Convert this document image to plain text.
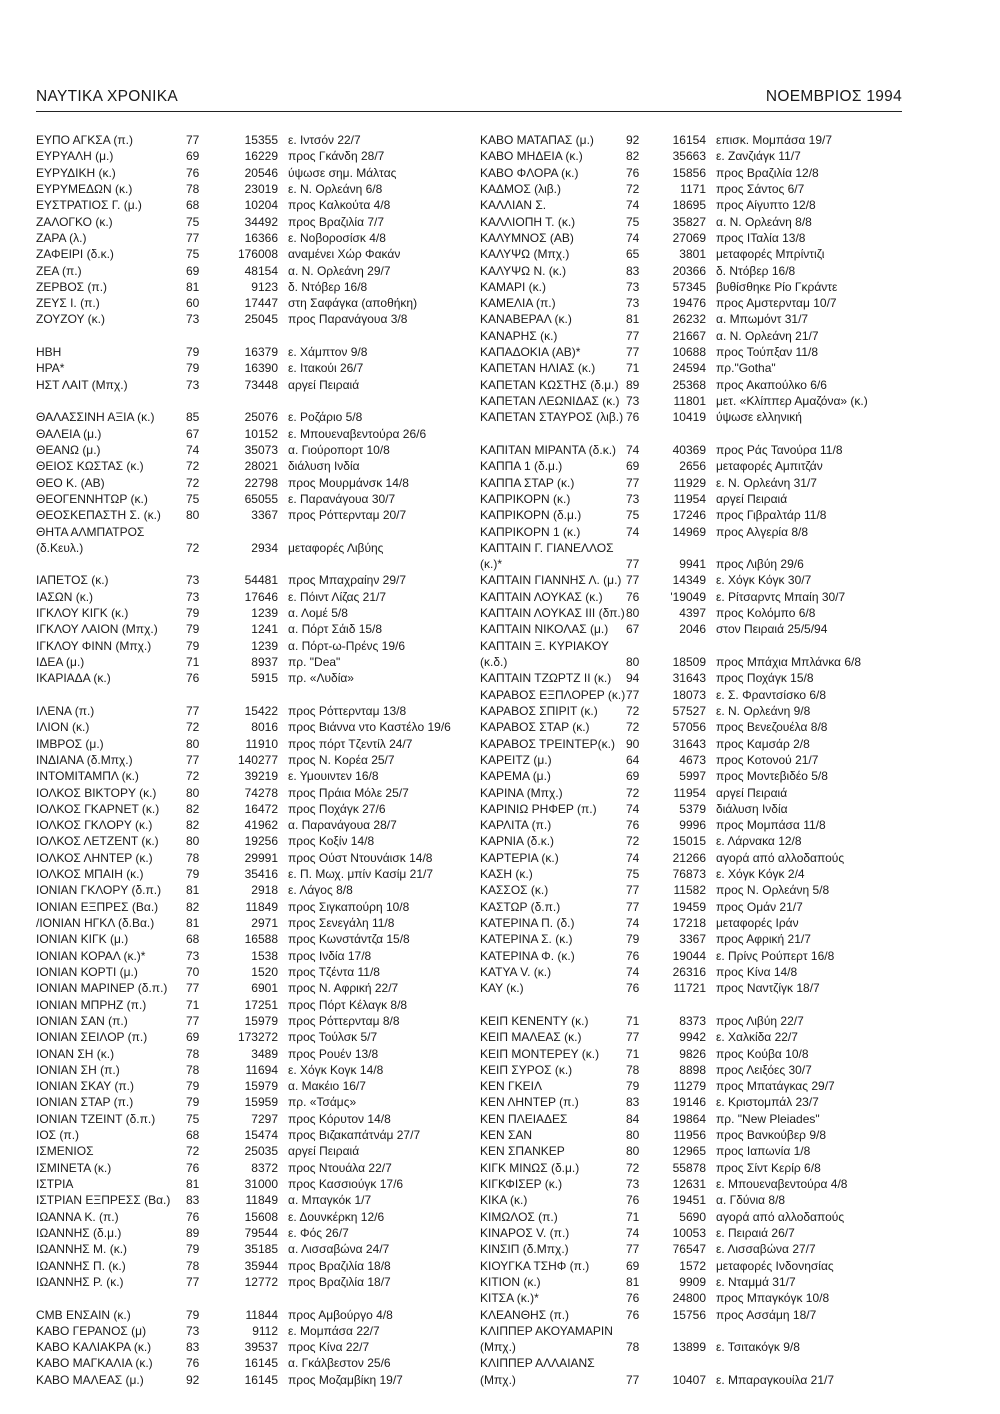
ΝΑΥΤΙΚΑ ΧΡΟΝΙΚΑ	ΝΟΕΜΒΡΙΟΣ 1994
ΕΥΠΟ ΑΓΚΣΑ (π.)	77	15355 ε. Ιντσόν 22/7
ΕΥΡΥΑΛΗ (μ.)	69	16229 προς Γκάνδη 28/7
ΕΥΡΥΔΙΚΗ (κ.)	76	20546 ύψωσε σημ. Μάλτας
ΕΥΡΥΜΕΔΩΝ (κ.)	78	23019 ε. Ν. Ορλεάνη 6/8
ΕΥΣΤΡΑΤΙΟΣ Γ. (μ.)	68	10204 προς Καλκούτα 4/8
ΖΑΛΟΓΚΟ (κ.)	75	34492 προς Βραζιλία 7/7
ΖΑΡΑ (λ.)	77	16366 ε. Νοβοροσίσκ 4/8
ΖΑΦΕΙΡΙ (δ.κ.)	75	176008 αναμένει Χώρ Φακάν
ΖΕΑ (π.)	69	48154 α. Ν. Ορλεάνη 29/7
ΖΕΡΒΟΣ (π.)	81	9123 δ. Ντόβερ 16/8
ΖΕΥΣ Ι. (π.)	60	17447 στη Σαφάγκα (αποθήκη)
ΖΟΥΖΟΥ (κ.)	73	25045 προς Παρανάγουα 3/8
ΗΒΗ	79	16379 ε. Χάμπτον 9/8
ΗΡΑ*	79	16390 ε. Ιτακούι 26/7
ΗΣΤ ΛΑΙΤ (Μπχ.)	73	73448 αργεί Πειραιά
ΘΑΛΑΣΣΙΝΗ ΑΞΙΑ (κ.)	85	25076 ε. Ροζάριο 5/8
ΘΑΛΕΙΑ (μ.)	67	10152 ε. Μπουεναβεντούρα 26/6
ΘΕΑΝΩ (μ.)	74	35073 α. Γιούροπορτ 10/8
ΘΕΙΟΣ ΚΩΣΤΑΣ (κ.)	72	28021 διάλυση Ινδία
ΘΕΟ Κ. (ΑΒ)	72	22798 προς Μουρμάνσκ 14/8
ΘΕΟΓΕΝΝΗΤΩΡ (κ.)	75	65055 ε. Παρανάγουα 30/7
ΘΕΟΣΚΕΠΑΣΤΗ Σ. (κ.) 80	3367 προς Ρόττερνταμ 20/7
ΘΗΤΑ ΑΛΜΠΑΤΡΟΣ
(δ.Κευλ.)	72	2934 μεταφορές Λιβύης
ΙΑΠΕΤΟΣ (κ.)	73	54481 προς Μπαχραίην 29/7
ΙΑΣΩΝ (κ.)	73	17646 ε. Πόιντ Λίζας 21/7
ΙΓΚΛΟΥ ΚΙΓΚ (κ.)	79	1239 α. Λομέ 5/8
ΙΓΚΛΟΥ ΛΑΙΟΝ (Μπχ.) 79	1241 α. Πόρτ Σάιδ 15/8
ΙΓΚΛΟΥ ΦΙΝΝ (Μπχ.)	79	1239 α. Πόρτ-ω-Πρένς 19/6
ΙΔΕΑ (μ.)	71	8937 πρ. "Dea"
ΙΚΑΡΙΑΔΑ (κ.)	76	5915 πρ. «Λυδία»
ΙΛΕΝΑ (π.)	77	15422 προς Ρόττερνταμ 13/8
ΙΛΙΟΝ (κ.)	72	8016 προς Βιάννα ντο Καστέλο 19/6
ΙΜΒΡΟΣ (μ.)	80	11910 προς πόρτ Τζεντίλ 24/7
ΙΝΔΙΑΝΑ (δ.Μπχ.)	77	140277 προς Ν. Κορέα 25/7
ΙΝΤΟΜΙΤΑΜΠΛ (κ.)	72	39219 ε. Υμουιντεν 16/8
ΙΟΛΚΟΣ ΒΙΚΤΟΡΥ (κ.) 80	74278 προς Πράια Μόλε 25/7
ΙΟΛΚΟΣ ΓΚΑΡΝΕΤ (κ.) 82	16472 προς Ποχάγκ 27/6
ΙΟΛΚΟΣ ΓΚΛΟΡΥ (κ.)	82	41962 α. Παρανάγουα 28/7
ΙΟΛΚΟΣ ΛΕΤΖΕΝΤ (κ.) 80	19256 προς Κοξίν 14/8
ΙΟΛΚΟΣ ΛΗΝΤΕΡ (κ.)	78	29991 προς Ούστ Ντουνάισκ 14/8
ΙΟΛΚΟΣ ΜΠΑΙΗ (κ.)	79	35416 ε. Π. Μωχ. μπίν Κασίμ 21/7
ΙΟΝΙΑΝ ΓΚΛΟΡΥ (δ.π.) 81	2918 ε. Λάγος 8/8
ΙΟΝΙΑΝ ΕΞΠΡΕΣ (Βα.) 82	11849 προς Σιγκαπούρη 10/8
/ΙΟΝΙΑΝ ΗΓΚΛ (δ.Βα.)	81	2971 προς Σενεγάλη 11/8
ΙΟΝΙΑΝ ΚΙΓΚ (μ.)	68	16588 προς Κωνστάντζα 15/8
ΙΟΝΙΑΝ ΚΟΡΑΛ (κ.)*	73	1538 προς Ινδία 17/8
ΙΟΝΙΑΝ ΚΟΡΤΙ (μ.)	70	1520 προς Τζέντα 11/8
ΙΟΝΙΑΝ ΜΑΡΙΝΕΡ (δ.π.) 77	6901 προς Ν. Αφρική 22/7
ΙΟΝΙΑΝ ΜΠΡΗΖ (π.)	71	17251 προς Πόρτ Κέλαγκ 8/8
ΙΟΝΙΑΝ ΣΑΝ (π.)	77	15979 προς Ρόττερνταμ 8/8
ΙΟΝΙΑΝ ΣΕΙΛΟΡ (π.)	69	173272 προς Τούλσκ 5/7
ΙΟΝΑΝ ΣΗ (κ.)	78	3489 προς Ρουέν 13/8
ΙΟΝΙΑΝ ΣΗ (π.)	78	11694 ε. Χόγκ Κογκ 14/8
ΙΟΝΙΑΝ ΣΚΑΥ (π.)	79	15979 α. Μακέιο 16/7
ΙΟΝΙΑΝ ΣΤΑΡ (π.)	79	15959 πρ. «Τσάμς»
ΙΟΝΙΑΝ ΤΖΕΙΝΤ (δ.π.)	75	7297 προς Κόρυτον 14/8
ΙΟΣ (π.)	68	15474 προς Βιζακαπάτνάμ 27/7
ΙΣΜΕΝΙΟΣ	72	25035 αργεί Πειραιά
ΙΣΜΙΝΕΤΑ (κ.)	76	8372 προς Ντουάλα 22/7
ΙΣΤΡΙΑ	81	31000 προς Κασσιούγκ 17/6
ΙΣΤΡΙΑΝ ΕΞΠΡΕΣΣ (Βα.) 83	11849 α. Μπαγκόκ 1/7
ΙΩΑΝΝΑ Κ. (π.)	76	15608 ε. Δουνκέρκη 12/6
ΙΩΑΝΝΗΣ (δ.μ.)	89	79544 ε. Φός 26/7
ΙΩΑΝΝΗΣ Μ. (κ.)	79	35185 α. Λισσαβώνα 24/7
ΙΩΑΝΝΗΣ Π. (κ.)	78	35944 προς Βραζιλία 18/8
ΙΩΑΝΝΗΣ Ρ. (κ.)	77	12772 προς Βραζιλία 18/7
CMB ΕΝΣΑΙΝ (κ.)	79	11844 προς Αμβούργο 4/8
ΚΑΒΟ ΓΕΡΑΝΟΣ (μ)	73	9112 ε. Μομπάσα 22/7
ΚΑΒΟ ΚΑΛΙΑΚΡΑ (κ.)	83	39537 προς Κίνα 22/7
ΚΑΒΟ ΜΑΓΚΑΛΙΑ (κ.)	76	16145 α. Γκάλβεστον 25/6
ΚΑΒΟ ΜΑΛΕΑΣ (μ.)	92	16145 προς Μοζαμβίκη 19/7
ΚΑΒΟ ΜΑΤΑΠΑΣ (μ.)	92	16154 επισκ. Μομπάσα 19/7
ΚΑΒΟ ΜΗΔΕΙΑ (κ.)	82	35663 ε. Ζανζιάγκ 11/7
ΚΑΒΟ ΦΛΟΡΑ (κ.)	76	15856 προς Βραζιλία 12/8
ΚΑΔΜΟΣ (λιβ.)	72	1171 προς Σάντος 6/7
ΚΑΛΛΙΑΝ Σ.	74	18695 προς Αίγυπτο 12/8
ΚΑΛΛΙΟΠΗ Τ. (κ.)	75	35827 α. Ν. Ορλεάνη 8/8
ΚΑΛΥΜΝΟΣ (ΑΒ)	74	27069 προς ΙΤαλία 13/8
ΚΑΛΥΨΩ (Μπχ.)	65	3801 μεταφορές Μπρίντιζι
ΚΑΛΥΨΩ Ν. (κ.)	83	20366 δ. Ντόβερ 16/8
ΚΑΜΑΡΙ (κ.)	73	57345 βυθίσθηκε Ρίο Γκράντε
ΚΑΜΕΛΙΑ (π.)	73	19476 προς Αμστερνταμ 10/7
ΚΑΝΑΒΕΡΑΛ (κ.)	81	26232 α. Μπωμόντ 31/7
ΚΑΝΑΡΗΣ (κ.)	77	21667 α. Ν. Ορλεάνη 21/7
ΚΑΠΑΔΟΚΙΑ (ΑΒ)*	77	10688 προς Τούπξαν 11/8
ΚΑΠΕΤΑΝ ΗΛΙΑΣ (κ.)	71	24594 πρ."Gotha"
ΚΑΠΕΤΑΝ ΚΩΣΤΗΣ (δ.μ.) 89	25368 προς Ακαπούλκο 6/6
ΚΑΠΕΤΑΝ ΛΕΩΝΙΔΑΣ (κ.) 73	11801 μετ. «Κλίππερ Αμαζόνα» (κ.)
ΚΑΠΕΤΑΝ ΣΤΑΥΡΟΣ (λιβ.) 76	10419 ύψωσε ελληνική
ΚΑΠΙΤΑΝ ΜΙΡΑΝΤΑ (δ.κ.) 74	40369 προς Ράς Τανούρα 11/8
ΚΑΠΠΑ 1 (δ.μ.)	69	2656 μεταφορές Αμπιτζάν
ΚΑΠΠΑ ΣΤΑΡ (κ.)	77	11929 ε. Ν. Ορλεάνη 31/7
ΚΑΠΡΙΚΟΡΝ (κ.)	73	11954 αργεί Πειραιά
ΚΑΠΡΙΚΟΡΝ (δ.μ.)	75	17246 προς Γιβραλτάρ 11/8
ΚΑΠΡΙΚΟΡΝ 1 (κ.)	74	14969 προς Αλγερία 8/8
ΚΑΠΤΑΙΝ Γ. ΓΙΑΝΕΛΛΟΣ
(κ.)*	77	9941 προς Λιβύη 29/6
ΚΑΠΤΑΙΝ ΓΙΑΝΝΗΣ Λ. (μ.) 77	14349 ε. Χόγκ Κόγκ 30/7
ΚΑΠΤΑΙΝ ΛΟΥΚΑΣ (κ.) 76	'19049 ε. Ρίτσαρντς Μπαίη 30/7
ΚΑΠΤΑΙΝ ΛΟΥΚΑΣ ΙΙΙ (δπ.) 80	4397 προς Κολόμπο 6/8
ΚΑΠΤΑΙΝ ΝΙΚΟΛΑΣ (μ.) 67	2046 στον Πειραιά 25/5/94
ΚΑΠΤΑΙΝ Ξ. ΚΥΡΙΑΚΟΥ
(κ.δ.)	80	18509 προς Μπάχια Μπλάνκα 6/8
ΚΑΠΤΑΙΝ ΤΖΩΡΤΖ ΙΙ (κ.) 94	31643 προς Ποχάγκ 15/8
ΚΑΡΑΒΟΣ ΕΞΠΛΟΡΕΡ (κ.) 77	18073 ε. Σ. Φραντσίσκο 6/8
ΚΑΡΑΒΟΣ ΣΠΙΡΙΤ (κ.) 72	57527 ε. Ν. Ορλεάνη 9/8
ΚΑΡΑΒΟΣ ΣΤΑΡ (κ.)	72	57056 προς Βενεζουέλα 8/8
ΚΑΡΑΒΟΣ ΤΡΕΙΝΤΕΡ(κ.) 90	31643 προς Καμσάρ 2/8
ΚΑΡΕΙΤΖ (μ.)	64	4673 προς Κοτονού 21/7
ΚΑΡΕΜΑ (μ.)	69	5997 προς Μοντεβιδέο 5/8
ΚΑΡΙΝΑ (Μπχ.)	72	11954 αργεί Πειραιά
ΚΑΡΙΝΙΩ ΡΗΦΕΡ (π.) 74	5379 διάλυση Ινδία
ΚΑΡΛΙΤΑ (π.)	76	9996 προς Μομπάσα 11/8
ΚΑΡΝΙΑ (δ.κ.)	72	15015 ε. Λάρνακα 12/8
ΚΑΡΤΕΡΙΑ (κ.)	74	21266 αγορά από αλλοδαπούς
ΚΑΣΗ (κ.)	75	76873 ε. Χόγκ Κόγκ 2/4
ΚΑΣΣΟΣ (κ.)	77	11582 προς Ν. Ορλεάνη 5/8
ΚΑΣΤΩΡ (δ.π.)	77	19459 προς Ομάν 21/7
ΚΑΤΕΡΙΝΑ Π. (δ.)	74	17218 μεταφορές Ιράν
ΚΑΤΕΡΙΝΑ Σ. (κ.)	79	3367 προς Αφρική 21/7
ΚΑΤΕΡΙΝΑ Φ. (κ.)	76	19044 ε. Πρίνς Ρούπερτ 16/8
ΚΑΤΥΑ V. (κ.)	74	26316 προς Κίνα 14/8
ΚΑΥ (κ.)	76	11721 προς Ναντζίγκ 18/7
ΚΕΙΠ ΚΕΝΕΝΤΥ (κ.)	71	8373 προς Λιβύη 22/7
ΚΕΙΠ ΜΑΛΕΑΣ (κ.)	77	9942 ε. Χαλκίδα 22/7
ΚΕΙΠ ΜΟΝΤΕΡΕΥ (κ.) 71	9826 προς Κούβα 10/8
ΚΕΙΠ ΣΥΡΟΣ (κ.)	78	8898 προς Λειξόες 30/7
ΚΕΝ ΓΚΕΙΛ	79	11279 προς Μπατάγκας 29/7
ΚΕΝ ΛΗΝΤΕΡ (π.)	83	19146 ε. Κριστομπάλ 23/7
ΚΕΝ ΠΛΕΙΑΔΕΣ	84	19864 πρ. "New Pleiades"
ΚΕΝ ΣΑΝ	80	11956 προς Βανκούβερ 9/8
ΚΕΝ ΣΠΑΝΚΕΡ	80	12965 προς Ιαπωνία 1/8
ΚΙΓΚ ΜΙΝΩΣ (δ.μ.)	72	55878 προς Σίντ Κερίρ 6/8
ΚΙΓΚΦΙΣΕΡ (κ.)	73	12631 ε. Μπουεναβεντούρα 4/8
ΚΙΚΑ (κ.)	76	19451 α. Γδύνια 8/8
ΚΙΜΩΛΟΣ (π.)	71	5690 αγορά από αλλοδαπούς
ΚΙΝΑΡΟΣ V. (π.)	74	10053 ε. Πειραιά 26/7
ΚΙΝΣΙΠ (δ.Μπχ.)	77	76547 ε. Λισσαβώνα 27/7
ΚΙΟΥΓΚΑ ΤΣΗΦ (π.)	69	1572 μεταφορές Ινδονησίας
ΚΙΤΙΟΝ (κ.)	81	9909 ε. Νταμμά 31/7
ΚΙΤΣΑ (κ.)*	76	24800 προς Μπαγκόγκ 10/8
ΚΛΕΑΝΘΗΣ (π.)	76	15756 προς Ασσάμη 18/7
ΚΛΙΠΠΕΡ ΑΚΟΥΑΜΑΡΙΝ
(Μπχ.)	78	13899 ε. Τσιτακόγκ 9/8
ΚΛΙΠΠΕΡ ΑΛΛΑΙΑΝΣ
(Μπχ.)	77	10407 ε. Μπαραγκουίλα 21/7
